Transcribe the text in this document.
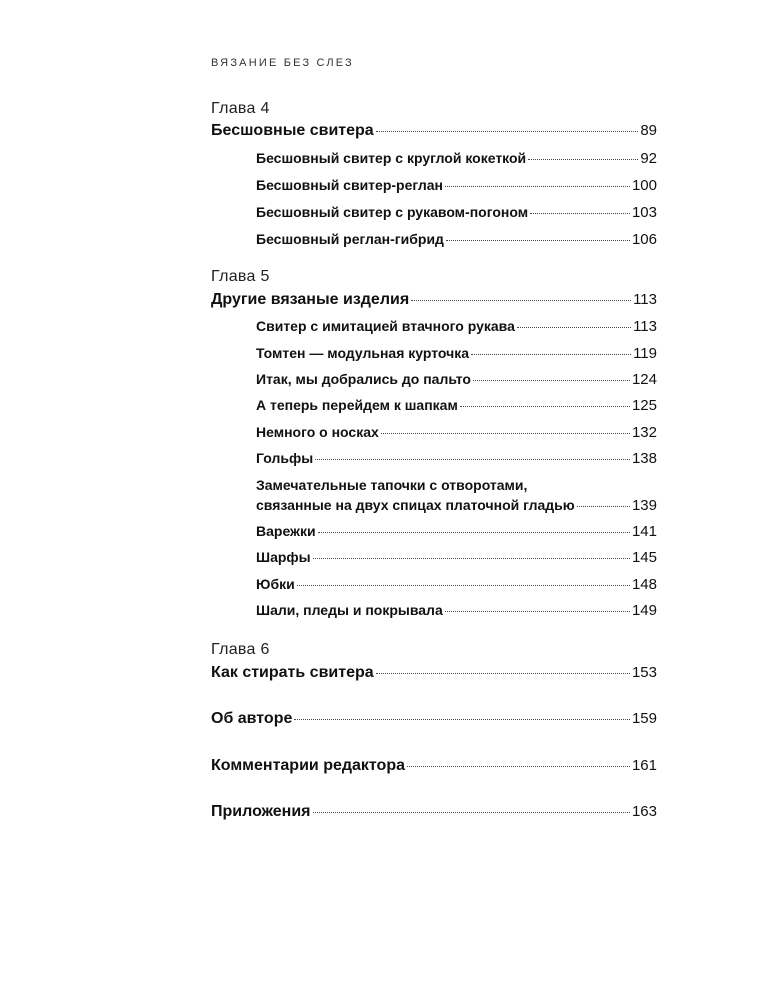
ВЯЗАНИЕ БЕЗ СЛЕЗ
Глава 4
Бесшовные свитера	89
Бесшовный свитер с круглой кокеткой	92
Бесшовный свитер-реглан	100
Бесшовный свитер с рукавом-погоном	103
Бесшовный реглан-гибрид	106
Глава 5
Другие вязаные изделия	113
Свитер с имитацией втачного рукава	113
Томтен — модульная курточка	119
Итак, мы добрались до пальто	124
А теперь перейдем к шапкам	125
Немного о носках	132
Гольфы	138
Замечательные тапочки с отворотами,
связанные на двух спицах платочной гладью	139
Варежки	141
Шарфы	145
Юбки	148
Шали, пледы и покрывала	149
Глава 6
Как стирать свитера	153
Об авторе	159
Комментарии редактора	161
Приложения	163
